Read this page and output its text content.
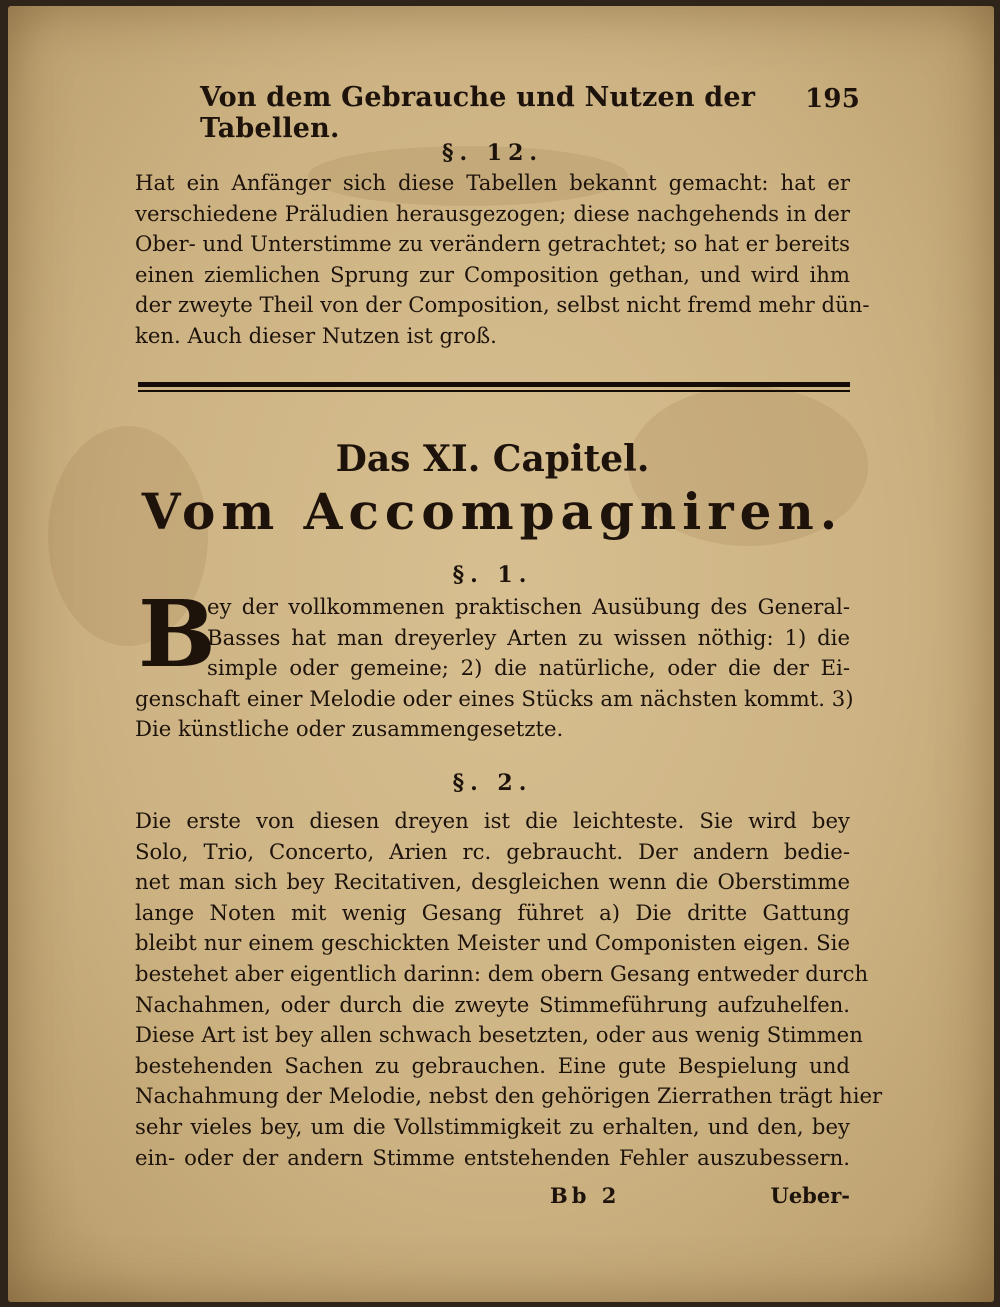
Von dem Gebrauche und Nutzen der Tabellen.
195
§. 12.
Hat ein Anfänger sich diese Tabellen bekannt gemacht: hat er
verschiedene Präludien herausgezogen; diese nachgehends in der
Ober- und Unterstimme zu verändern getrachtet; so hat er bereits
einen ziemlichen Sprung zur Composition gethan, und wird ihm
der zweyte Theil von der Composition, selbst nicht fremd mehr dün-
ken. Auch dieser Nutzen ist groß.
Das XI. Capitel.
Vom Accompagniren.
§. 1.
B
ey der vollkommenen praktischen Ausübung des General-
Basses hat man dreyerley Arten zu wissen nöthig: 1) die
simple oder gemeine; 2) die natürliche, oder die der Ei-
genschaft einer Melodie oder eines Stücks am nächsten kommt. 3)
Die künstliche oder zusammengesetzte.
§. 2.
Die erste von diesen dreyen ist die leichteste. Sie wird bey
Solo, Trio, Concerto, Arien rc. gebraucht. Der andern bedie-
net man sich bey Recitativen, desgleichen wenn die Oberstimme
lange Noten mit wenig Gesang führet a) Die dritte Gattung
bleibt nur einem geschickten Meister und Componisten eigen. Sie
bestehet aber eigentlich darinn: dem obern Gesang entweder durch
Nachahmen, oder durch die zweyte Stimmeführung aufzuhelfen.
Diese Art ist bey allen schwach besetzten, oder aus wenig Stimmen
bestehenden Sachen zu gebrauchen. Eine gute Bespielung und
Nachahmung der Melodie, nebst den gehörigen Zierrathen trägt hier
sehr vieles bey, um die Vollstimmigkeit zu erhalten, und den, bey
ein- oder der andern Stimme entstehenden Fehler auszubessern.
Bb 2	Ueber-
